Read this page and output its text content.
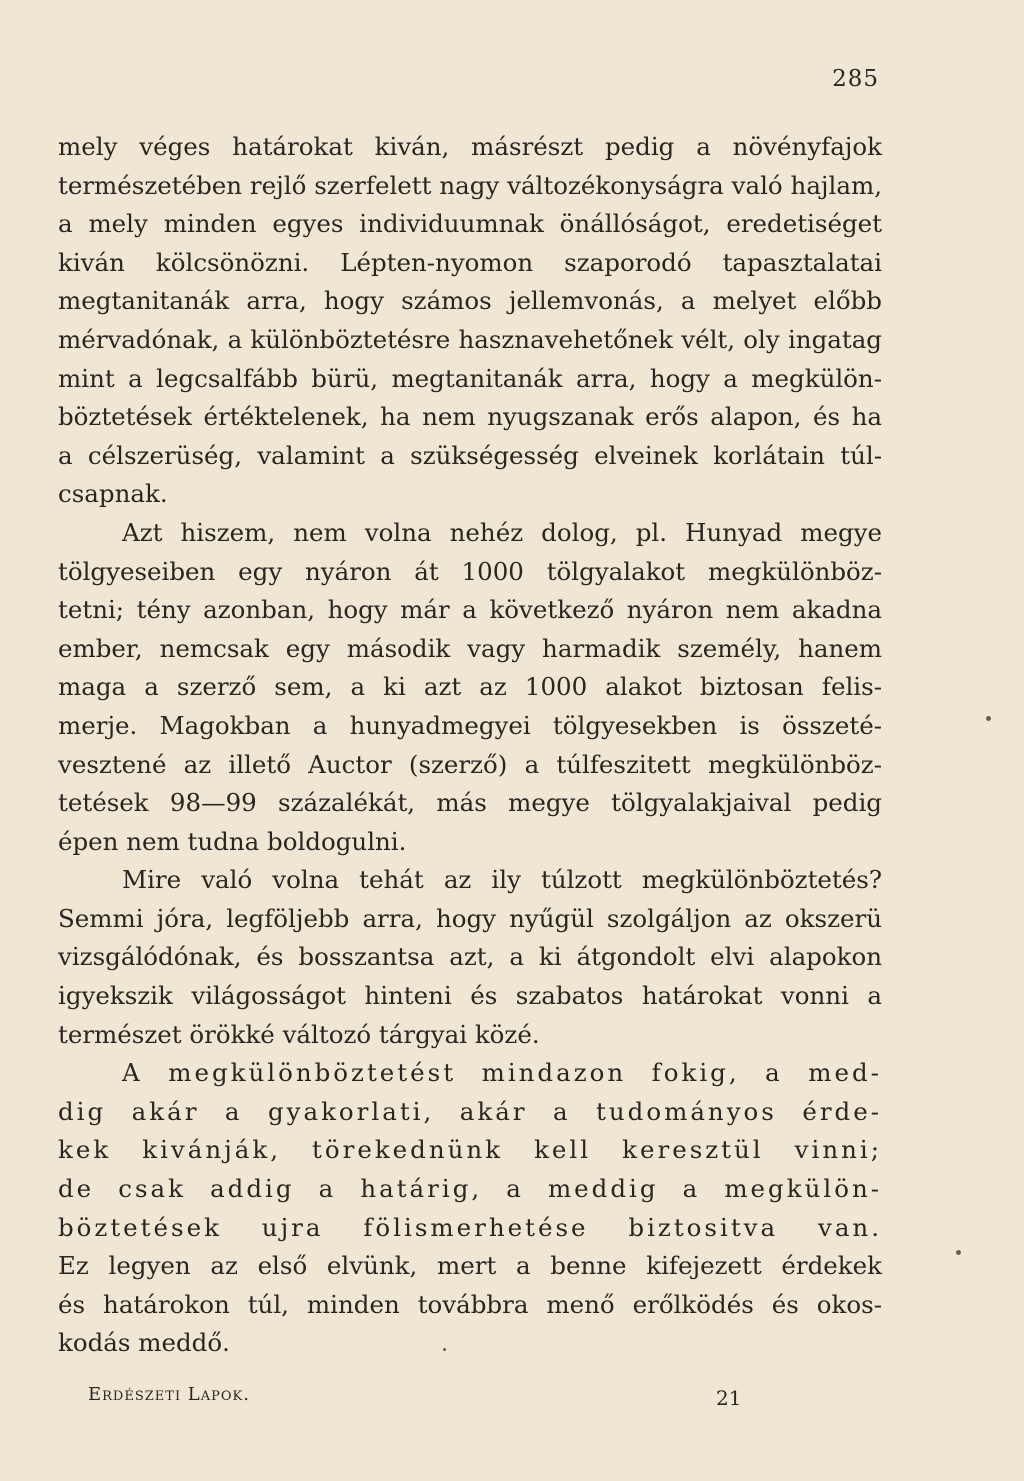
285
mely véges határokat kiván, másrészt pedig a növényfajok
természetében rejlő szerfelett nagy változékonyságra való hajlam,
a mely minden egyes individuumnak önállóságot, eredetiséget
kiván kölcsönözni. Lépten-nyomon szaporodó tapasztalatai
megtanitanák arra, hogy számos jellemvonás, a melyet előbb
mérvadónak, a különböztetésre hasznavehetőnek vélt, oly ingatag
mint a legcsalfább bürü, megtanitanák arra, hogy a megkülön-
böztetések értéktelenek, ha nem nyugszanak erős alapon, és ha
a célszerüség, valamint a szükségesség elveinek korlátain túl-
csapnak.
Azt hiszem, nem volna nehéz dolog, pl. Hunyad megye
tölgyeseiben egy nyáron át 1000 tölgyalakot megkülönböz-
tetni; tény azonban, hogy már a következő nyáron nem akadna
ember, nemcsak egy második vagy harmadik személy, hanem
maga a szerző sem, a ki azt az 1000 alakot biztosan felis-
merje. Magokban a hunyadmegyei tölgyesekben is összeté-
vesztené az illető Auctor (szerző) a túlfeszitett megkülönböz-
tetések 98—99 százalékát, más megye tölgyalakjaival pedig
épen nem tudna boldogulni.
Mire való volna tehát az ily túlzott megkülönböztetés?
Semmi jóra, legföljebb arra, hogy nyűgül szolgáljon az okszerü
vizsgálódónak, és bosszantsa azt, a ki átgondolt elvi alapokon
igyekszik világosságot hinteni és szabatos határokat vonni a
természet örökké változó tárgyai közé.
A megkülönböztetést mindazon fokig, a med-
dig akár a gyakorlati, akár a tudományos érde-
kek kivánják, törekednünk kell keresztül vinni;
de csak addig a határig, a meddig a megkülön-
böztetések ujra fölismerhetése biztositva van.
Ez legyen az első elvünk, mert a benne kifejezett érdekek
és határokon túl, minden továbbra menő erőlködés és okos-
kodás meddő.
Erdészeti Lapok.	21
